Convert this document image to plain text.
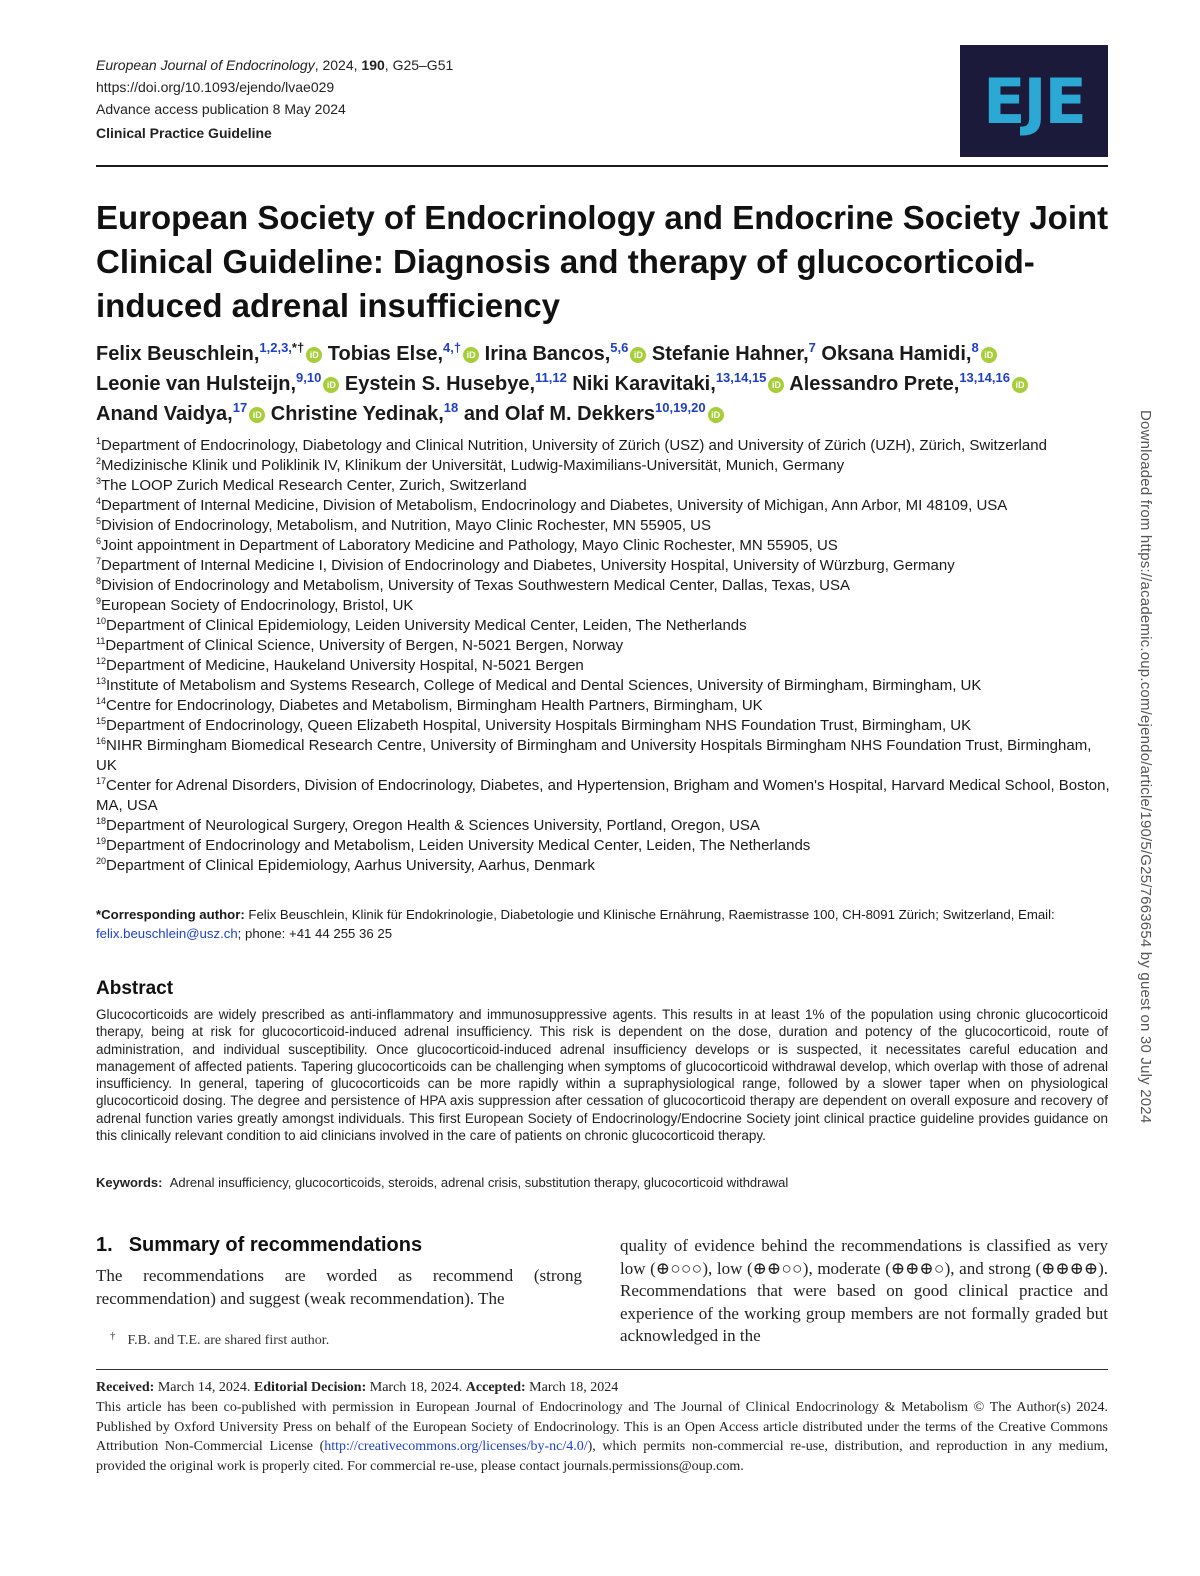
European Journal of Endocrinology, 2024, 190, G25–G51
https://doi.org/10.1093/ejendo/lvae029
Advance access publication 8 May 2024
Clinical Practice Guideline	EJE
European Society of Endocrinology and Endocrine Society Joint Clinical Guideline: Diagnosis and therapy of glucocorticoid-induced adrenal insufficiency
Felix Beuschlein,$^{1,2,3,*\dagger}$ iD Tobias Else,$^{4,\dagger}$ iD Irina Bancos,$^{5,6}$ iD Stefanie Hahner,$^7$ Oksana Hamidi,$^8$ iD Leonie van Hulsteijn,$^{9,10}$ iD Eystein S. Husebye,$^{11,12}$ Niki Karavitaki,$^{13,14,15}$ iD Alessandro Prete,$^{13,14,16}$ iD Anand Vaidya,$^{17}$ iD Christine Yedinak,$^{18}$ and Olaf M. Dekkers$^{10,19,20}$ iD
$^1$Department of Endocrinology, Diabetology and Clinical Nutrition, University of Zürich (USZ) and University of Zürich (UZH), Zürich, Switzerland
$^2$Medizinische Klinik und Poliklinik IV, Klinikum der Universität, Ludwig-Maximilians-Universität, Munich, Germany
$^3$The LOOP Zurich Medical Research Center, Zurich, Switzerland
$^4$Department of Internal Medicine, Division of Metabolism, Endocrinology and Diabetes, University of Michigan, Ann Arbor, MI 48109, USA
$^5$Division of Endocrinology, Metabolism, and Nutrition, Mayo Clinic Rochester, MN 55905, US
$^6$Joint appointment in Department of Laboratory Medicine and Pathology, Mayo Clinic Rochester, MN 55905, US
$^7$Department of Internal Medicine I, Division of Endocrinology and Diabetes, University Hospital, University of Würzburg, Germany
$^8$Division of Endocrinology and Metabolism, University of Texas Southwestern Medical Center, Dallas, Texas, USA
$^9$European Society of Endocrinology, Bristol, UK
$^{10}$Department of Clinical Epidemiology, Leiden University Medical Center, Leiden, The Netherlands
$^{11}$Department of Clinical Science, University of Bergen, N-5021 Bergen, Norway
$^{12}$Department of Medicine, Haukeland University Hospital, N-5021 Bergen
$^{13}$Institute of Metabolism and Systems Research, College of Medical and Dental Sciences, University of Birmingham, Birmingham, UK
$^{14}$Centre for Endocrinology, Diabetes and Metabolism, Birmingham Health Partners, Birmingham, UK
$^{15}$Department of Endocrinology, Queen Elizabeth Hospital, University Hospitals Birmingham NHS Foundation Trust, Birmingham, UK
$^{16}$NIHR Birmingham Biomedical Research Centre, University of Birmingham and University Hospitals Birmingham NHS Foundation Trust, Birmingham, UK
$^{17}$Center for Adrenal Disorders, Division of Endocrinology, Diabetes, and Hypertension, Brigham and Women's Hospital, Harvard Medical School, Boston, MA, USA
$^{18}$Department of Neurological Surgery, Oregon Health & Sciences University, Portland, Oregon, USA
$^{19}$Department of Endocrinology and Metabolism, Leiden University Medical Center, Leiden, The Netherlands
$^{20}$Department of Clinical Epidemiology, Aarhus University, Aarhus, Denmark
*Corresponding author: Felix Beuschlein, Klinik für Endokrinologie, Diabetologie und Klinische Ernährung, Raemistrasse 100, CH-8091 Zürich; Switzerland, Email: felix.beuschlein@usz.ch; phone: +41 44 255 36 25
Abstract
Glucocorticoids are widely prescribed as anti-inflammatory and immunosuppressive agents. This results in at least 1% of the population using chronic glucocorticoid therapy, being at risk for glucocorticoid-induced adrenal insufficiency. This risk is dependent on the dose, duration and potency of the glucocorticoid, route of administration, and individual susceptibility. Once glucocorticoid-induced adrenal insufficiency develops or is suspected, it necessitates careful education and management of affected patients. Tapering glucocorticoids can be challenging when symptoms of glucocorticoid withdrawal develop, which overlap with those of adrenal insufficiency. In general, tapering of glucocorticoids can be more rapidly within a supraphysiological range, followed by a slower taper when on physiological glucocorticoid dosing. The degree and persistence of HPA axis suppression after cessation of glucocorticoid therapy are dependent on overall exposure and recovery of adrenal function varies greatly amongst individuals. This first European Society of Endocrinology/Endocrine Society joint clinical practice guideline provides guidance on this clinically relevant condition to aid clinicians involved in the care of patients on chronic glucocorticoid therapy.
Keywords: Adrenal insufficiency, glucocorticoids, steroids, adrenal crisis, substitution therapy, glucocorticoid withdrawal
1. Summary of recommendations
The recommendations are worded as recommend (strong recommendation) and suggest (weak recommendation). The
† F.B. and T.E. are shared first author.
quality of evidence behind the recommendations is classified as very low (⊕○○○), low (⊕⊕○○), moderate (⊕⊕⊕○), and strong (⊕⊕⊕⊕). Recommendations that were based on good clinical practice and experience of the working group members are not formally graded but acknowledged in the
Received: March 14, 2024. Editorial Decision: March 18, 2024. Accepted: March 18, 2024
This article has been co-published with permission in European Journal of Endocrinology and The Journal of Clinical Endocrinology & Metabolism © The Author(s) 2024. Published by Oxford University Press on behalf of the European Society of Endocrinology. This is an Open Access article distributed under the terms of the Creative Commons Attribution Non-Commercial License (http://creativecommons.org/licenses/by-nc/4.0/), which permits non-commercial re-use, distribution, and reproduction in any medium, provided the original work is properly cited. For commercial re-use, please contact journals.permissions@oup.com.
Downloaded from https://academic.oup.com/ejendo/article/190/5/G25/7663654 by guest on 30 July 2024
